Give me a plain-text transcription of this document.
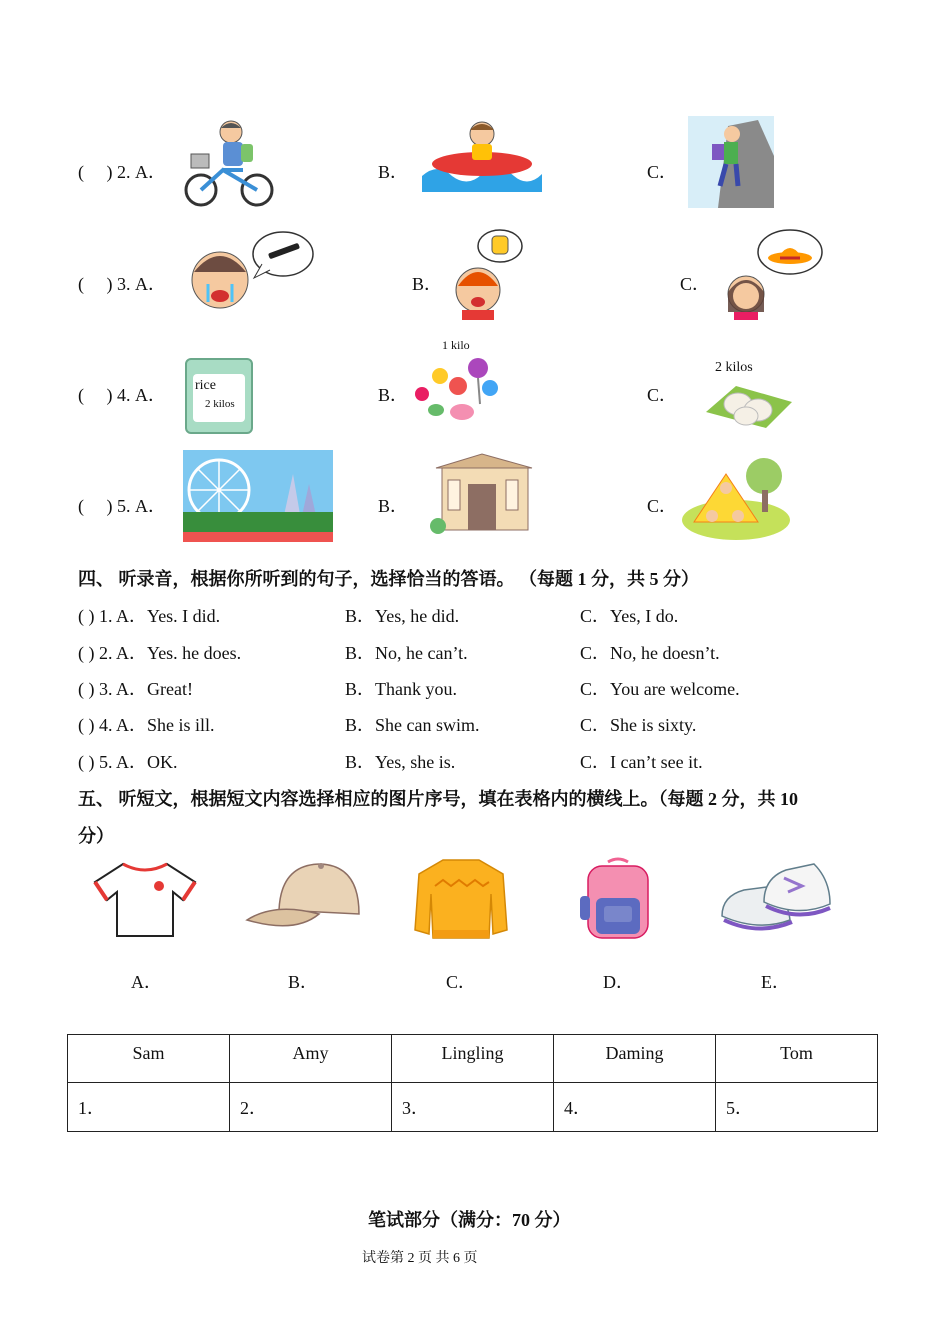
(     ) 2. A．	B．	C．
(     ) 3. A．	B．	C．
(     ) 4. A． rice
2 kilos	B．
1 kilo
C．
2 kilos
(     ) 5. A．	B．	C．
四、 听录音，根据你所听到的句子，选择恰当的答语。 （每题 1 分，共 5 分）
( ) 1. A．Yes. I did.	B．Yes, he did.	C．Yes, I do.
( ) 2. A．Yes. he does.	B．No, he can’t.	C．No, he doesn’t.
( ) 3. A．Great!	B．Thank you.	C．You are welcome.
( ) 4. A．She is ill.	B．She can swim.	C．She is sixty.
( ) 5. A．OK.	B．Yes, she is.	C．I can’t see it.
五、 听短文，根据短文内容选择相应的图片序号，填在表格内的横线上。（每题 2 分，共 10
分）
A．	B．	C．	D．	E．
Sam	Amy	Lingling	Daming	Tom
1．	2．	3．	4．	5．
笔试部分（满分：70 分）
试卷第 2 页 共 6 页
